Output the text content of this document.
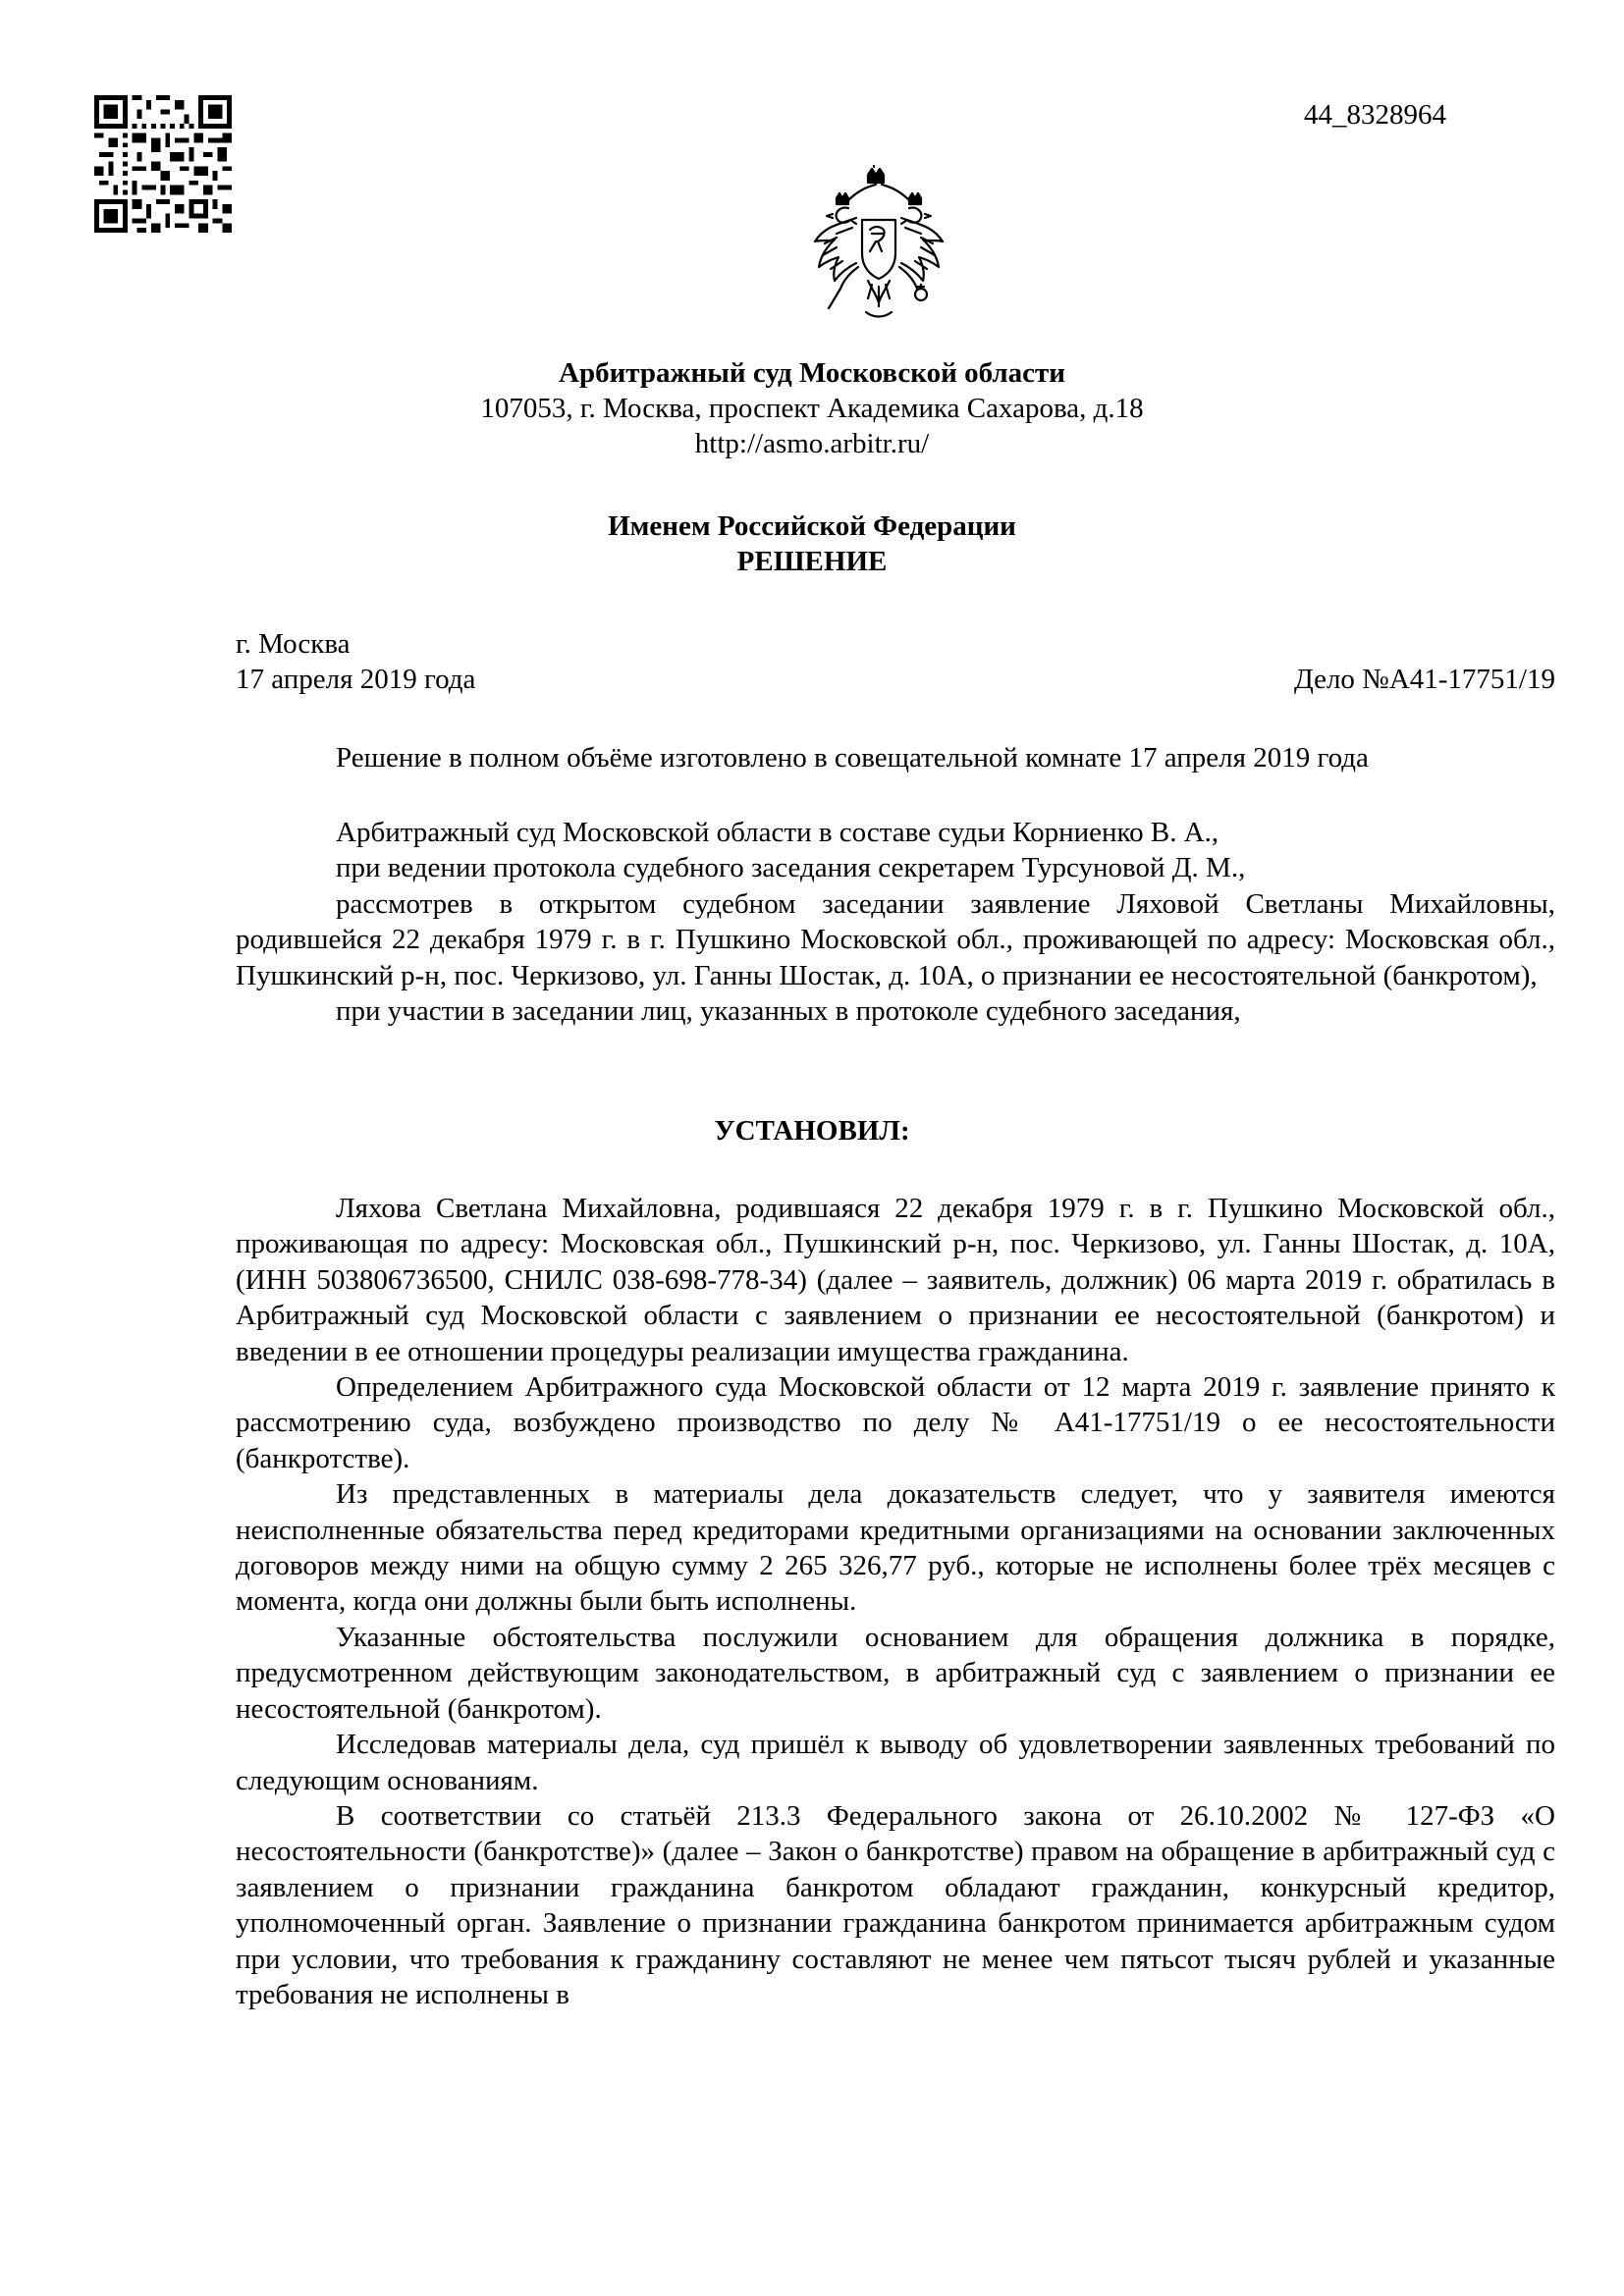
44_8328964
Арбитражный суд Московской области
107053, г. Москва, проспект Академика Сахарова, д.18
http://asmo.arbitr.ru/
Именем Российской Федерации
РЕШЕНИЕ
г. Москва
17 апреля 2019 года	Дело №А41-17751/19

Решение в полном объёме изготовлено в совещательной комнате 17 апреля 2019 года

Арбитражный суд Московской области в составе судьи Корниенко В. А.,

при ведении протокола судебного заседания секретарем Турсуновой Д. М.,

рассмотрев в открытом судебном заседании заявление Ляховой Светланы Михайловны, родившейся 22 декабря 1979 г. в г. Пушкино Московской обл., проживающей по адресу: Московская обл., Пушкинский р-н, пос. Черкизово, ул. Ганны Шостак, д. 10А, о признании ее несостоятельной (банкротом),

при участии в заседании лиц, указанных в протоколе судебного заседания,

УСТАНОВИЛ:

Ляхова Светлана Михайловна, родившаяся 22 декабря 1979 г. в г. Пушкино Московской обл., проживающая по адресу: Московская обл., Пушкинский р-н, пос. Черкизово, ул. Ганны Шостак, д. 10А, (ИНН 503806736500, СНИЛС 038-698-778-34) (далее – заявитель, должник) 06 марта 2019 г. обратилась в Арбитражный суд Московской области с заявлением о признании ее несостоятельной (банкротом) и введении в ее отношении процедуры реализации имущества гражданина.

Определением Арбитражного суда Московской области от 12 марта 2019 г. заявление принято к рассмотрению суда, возбуждено производство по делу № А41-17751/19 о ее несостоятельности (банкротстве).

Из представленных в материалы дела доказательств следует, что у заявителя имеются неисполненные обязательства перед кредиторами кредитными организациями на основании заключенных договоров между ними на общую сумму 2 265 326,77 руб., которые не исполнены более трёх месяцев с момента, когда они должны были быть исполнены.

Указанные обстоятельства послужили основанием для обращения должника в порядке, предусмотренном действующим законодательством, в арбитражный суд с заявлением о признании ее несостоятельной (банкротом).

Исследовав материалы дела, суд пришёл к выводу об удовлетворении заявленных требований по следующим основаниям.

В соответствии со статьёй 213.3 Федерального закона от 26.10.2002 № 127-ФЗ «О несостоятельности (банкротстве)» (далее – Закон о банкротстве) правом на обращение в арбитражный суд с заявлением о признании гражданина банкротом обладают гражданин, конкурсный кредитор, уполномоченный орган. Заявление о признании гражданина банкротом принимается арбитражным судом при условии, что требования к гражданину составляют не менее чем пятьсот тысяч рублей и указанные требования не исполнены в
